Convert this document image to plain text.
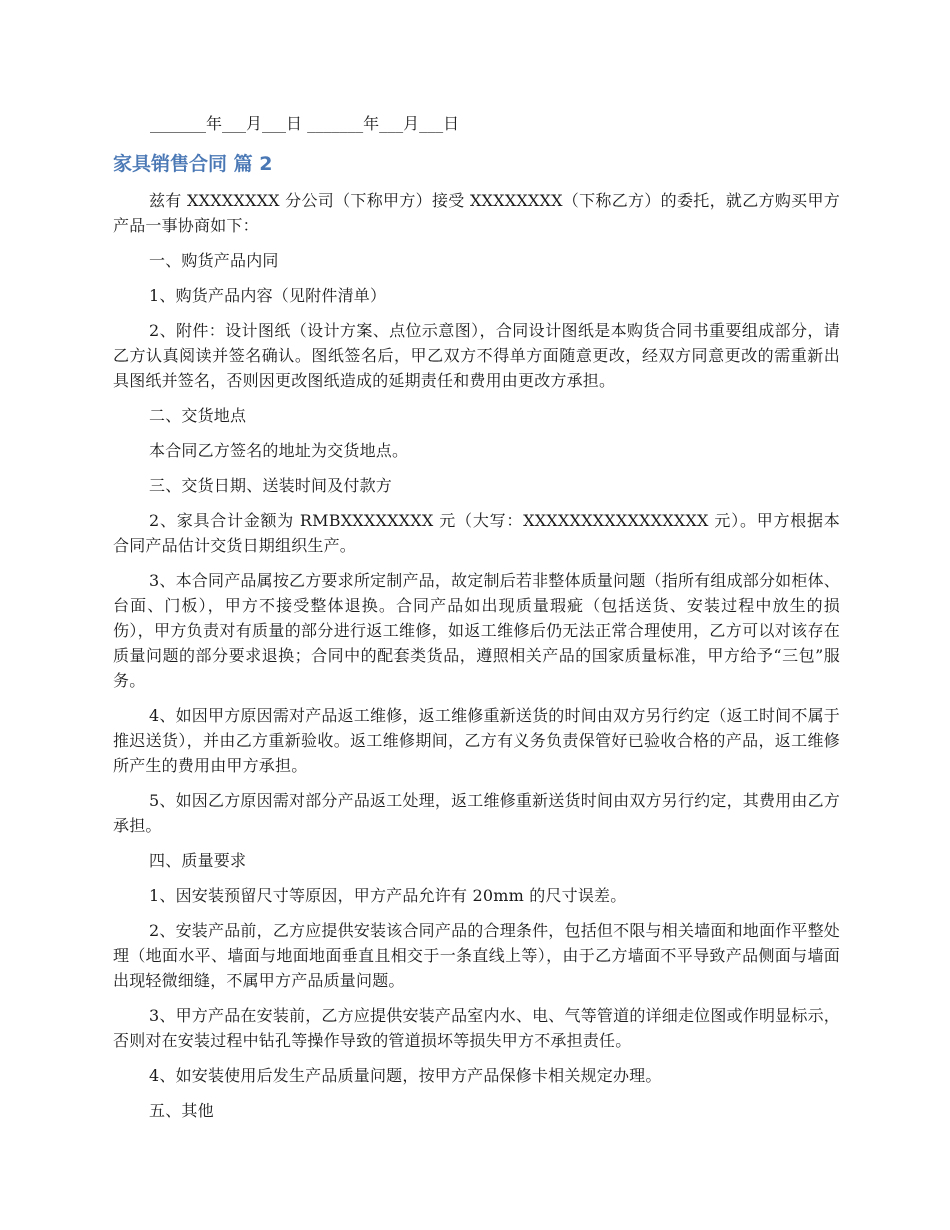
_______年___月___日 _______年___月___日
家具销售合同 篇 2

兹有 XXXXXXXX 分公司（下称甲方）接受 XXXXXXXX（下称乙方）的委托，就乙方购买甲方产品一事协商如下：

一、购货产品内同

1、购货产品内容（见附件清单）

2、附件：设计图纸（设计方案、点位示意图），合同设计图纸是本购货合同书重要组成部分，请乙方认真阅读并签名确认。图纸签名后，甲乙双方不得单方面随意更改，经双方同意更改的需重新出具图纸并签名，否则因更改图纸造成的延期责任和费用由更改方承担。

二、交货地点

本合同乙方签名的地址为交货地点。

三、交货日期、送装时间及付款方

2、家具合计金额为 RMBXXXXXXXX 元（大写：XXXXXXXXXXXXXXXX 元）。甲方根据本合同产品估计交货日期组织生产。

3、本合同产品属按乙方要求所定制产品，故定制后若非整体质量问题（指所有组成部分如柜体、台面、门板），甲方不接受整体退换。合同产品如出现质量瑕疵（包括送货、安装过程中放生的损伤），甲方负责对有质量的部分进行返工维修，如返工维修后仍无法正常合理使用，乙方可以对该存在质量问题的部分要求退换；合同中的配套类货品，遵照相关产品的国家质量标准，甲方给予“三包”服务。

4、如因甲方原因需对产品返工维修，返工维修重新送货的时间由双方另行约定（返工时间不属于推迟送货），并由乙方重新验收。返工维修期间，乙方有义务负责保管好已验收合格的产品，返工维修所产生的费用由甲方承担。

5、如因乙方原因需对部分产品返工处理，返工维修重新送货时间由双方另行约定，其费用由乙方承担。

四、质量要求

1、因安装预留尺寸等原因，甲方产品允许有 20mm 的尺寸误差。

2、安装产品前，乙方应提供安装该合同产品的合理条件，包括但不限与相关墙面和地面作平整处理（地面水平、墙面与地面地面垂直且相交于一条直线上等），由于乙方墙面不平导致产品侧面与墙面出现轻微细缝，不属甲方产品质量问题。

3、甲方产品在安装前，乙方应提供安装产品室内水、电、气等管道的详细走位图或作明显标示，否则对在安装过程中钻孔等操作导致的管道损坏等损失甲方不承担责任。

4、如安装使用后发生产品质量问题，按甲方产品保修卡相关规定办理。

五、其他
